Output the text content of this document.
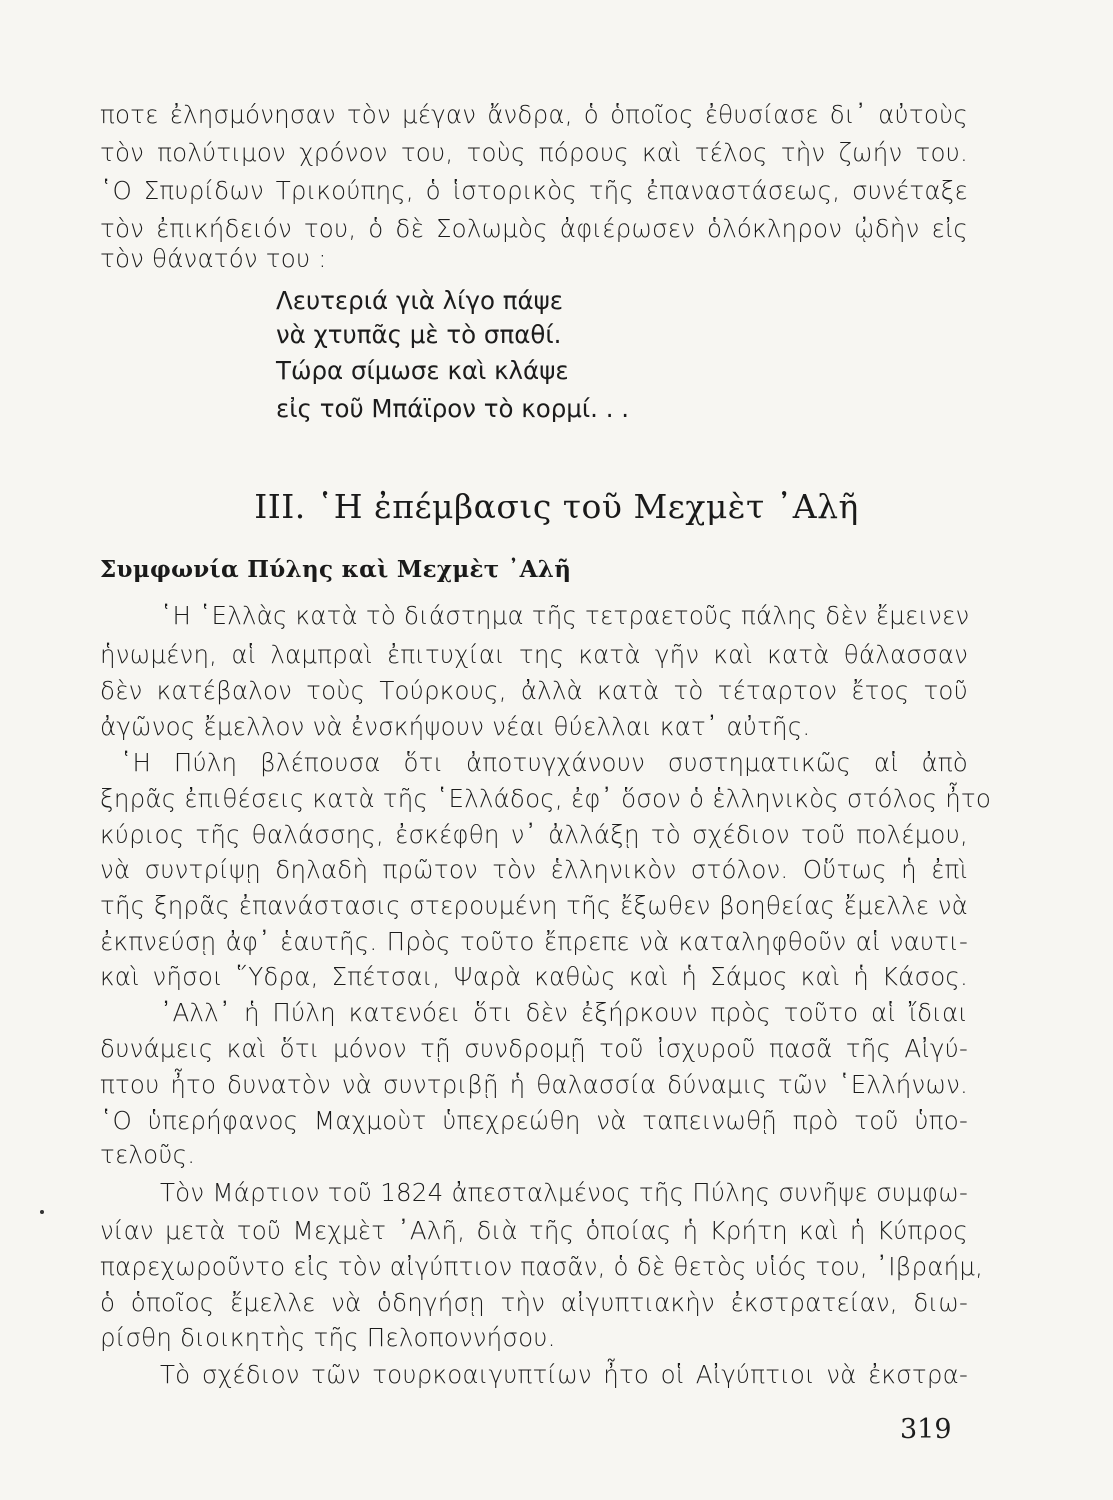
ποτε ἐλησμόνησαν τὸν μέγαν ἄνδρα, ὁ ὁποῖος ἐθυσίασε δι᾽ αὐτοὺς
τὸν πολύτιμον χρόνον του, τοὺς πόρους καὶ τέλος τὴν ζωήν του.
῾Ο Σπυρίδων Τρικούπης, ὁ ἱστορικὸς τῆς ἐπαναστάσεως, συνέταξε
τὸν ἐπικήδειόν του, ὁ δὲ Σολωμὸς ἀφιέρωσεν ὁλόκληρον ᾠδὴν εἰς
τὸν θάνατόν του :
Λευτεριά γιὰ λίγο πάψε
νὰ χτυπᾶς μὲ τὸ σπαθί.
Τώρα σίμωσε καὶ κλάψε
εἰς τοῦ Μπάϊρον τὸ κορμί. . .
ΙΙΙ. ῾Η ἐπέμβασις τοῦ Μεχμὲτ ᾽Αλῆ
Συμφωνία Πύλης καὶ Μεχμὲτ ᾽Αλῆ
῾Η ῾Ελλὰς κατὰ τὸ διάστημα τῆς τετραετοῦς πάλης δὲν ἔμεινεν
ἡνωμένη, αἱ λαμπραὶ ἐπιτυχίαι της κατὰ γῆν καὶ κατὰ θάλασσαν
δὲν κατέβαλον τοὺς Τούρκους, ἀλλὰ κατὰ τὸ τέταρτον ἔτος τοῦ
ἀγῶνος ἔμελλον νὰ ἐνσκήψουν νέαι θύελλαι κατ᾽ αὐτῆς.
῾Η Πύλη βλέπουσα ὅτι ἀποτυγχάνουν συστηματικῶς αἱ ἀπὸ
ξηρᾶς ἐπιθέσεις κατὰ τῆς ῾Ελλάδος, ἐφ᾽ ὅσον ὁ ἑλληνικὸς στόλος ἦτο
κύριος τῆς θαλάσσης, ἐσκέφθη ν᾽ ἀλλάξῃ τὸ σχέδιον τοῦ πολέμου,
νὰ συντρίψῃ δηλαδὴ πρῶτον τὸν ἑλληνικὸν στόλον. Οὕτως ἡ ἐπὶ
τῆς ξηρᾶς ἐπανάστασις στερουμένη τῆς ἔξωθεν βοηθείας ἔμελλε νὰ
ἐκπνεύσῃ ἀφ᾽ ἑαυτῆς. Πρὸς τοῦτο ἔπρεπε νὰ καταληφθοῦν αἱ ναυτι-
καὶ νῆσοι ῞Υδρα, Σπέτσαι, Ψαρὰ καθὼς καὶ ἡ Σάμος καὶ ἡ Κάσος.
᾽Αλλ᾽ ἡ Πύλη κατενόει ὅτι δὲν ἐξήρκουν πρὸς τοῦτο αἱ ἴδιαι
δυνάμεις καὶ ὅτι μόνον τῇ συνδρομῇ τοῦ ἰσχυροῦ πασᾶ τῆς Αἰγύ-
πτου ἦτο δυνατὸν νὰ συντριβῇ ἡ θαλασσία δύναμις τῶν ῾Ελλήνων.
῾Ο ὑπερήφανος Μαχμοὺτ ὑπεχρεώθη νὰ ταπεινωθῇ πρὸ τοῦ ὑπο-
τελοῦς.
Τὸν Μάρτιον τοῦ 1824 ἀπεσταλμένος τῆς Πύλης συνῆψε συμφω-
νίαν μετὰ τοῦ Μεχμὲτ ᾽Αλῆ, διὰ τῆς ὁποίας ἡ Κρήτη καὶ ἡ Κύπρος
παρεχωροῦντο εἰς τὸν αἰγύπτιον πασᾶν, ὁ δὲ θετὸς υἱός του, ᾽Ιβραήμ,
ὁ ὁποῖος ἔμελλε νὰ ὁδηγήσῃ τὴν αἰγυπτιακὴν ἐκστρατείαν, διω-
ρίσθη διοικητὴς τῆς Πελοποννήσου.
Τὸ σχέδιον τῶν τουρκοαιγυπτίων ἦτο οἱ Αἰγύπτιοι νὰ ἐκστρα-
319
